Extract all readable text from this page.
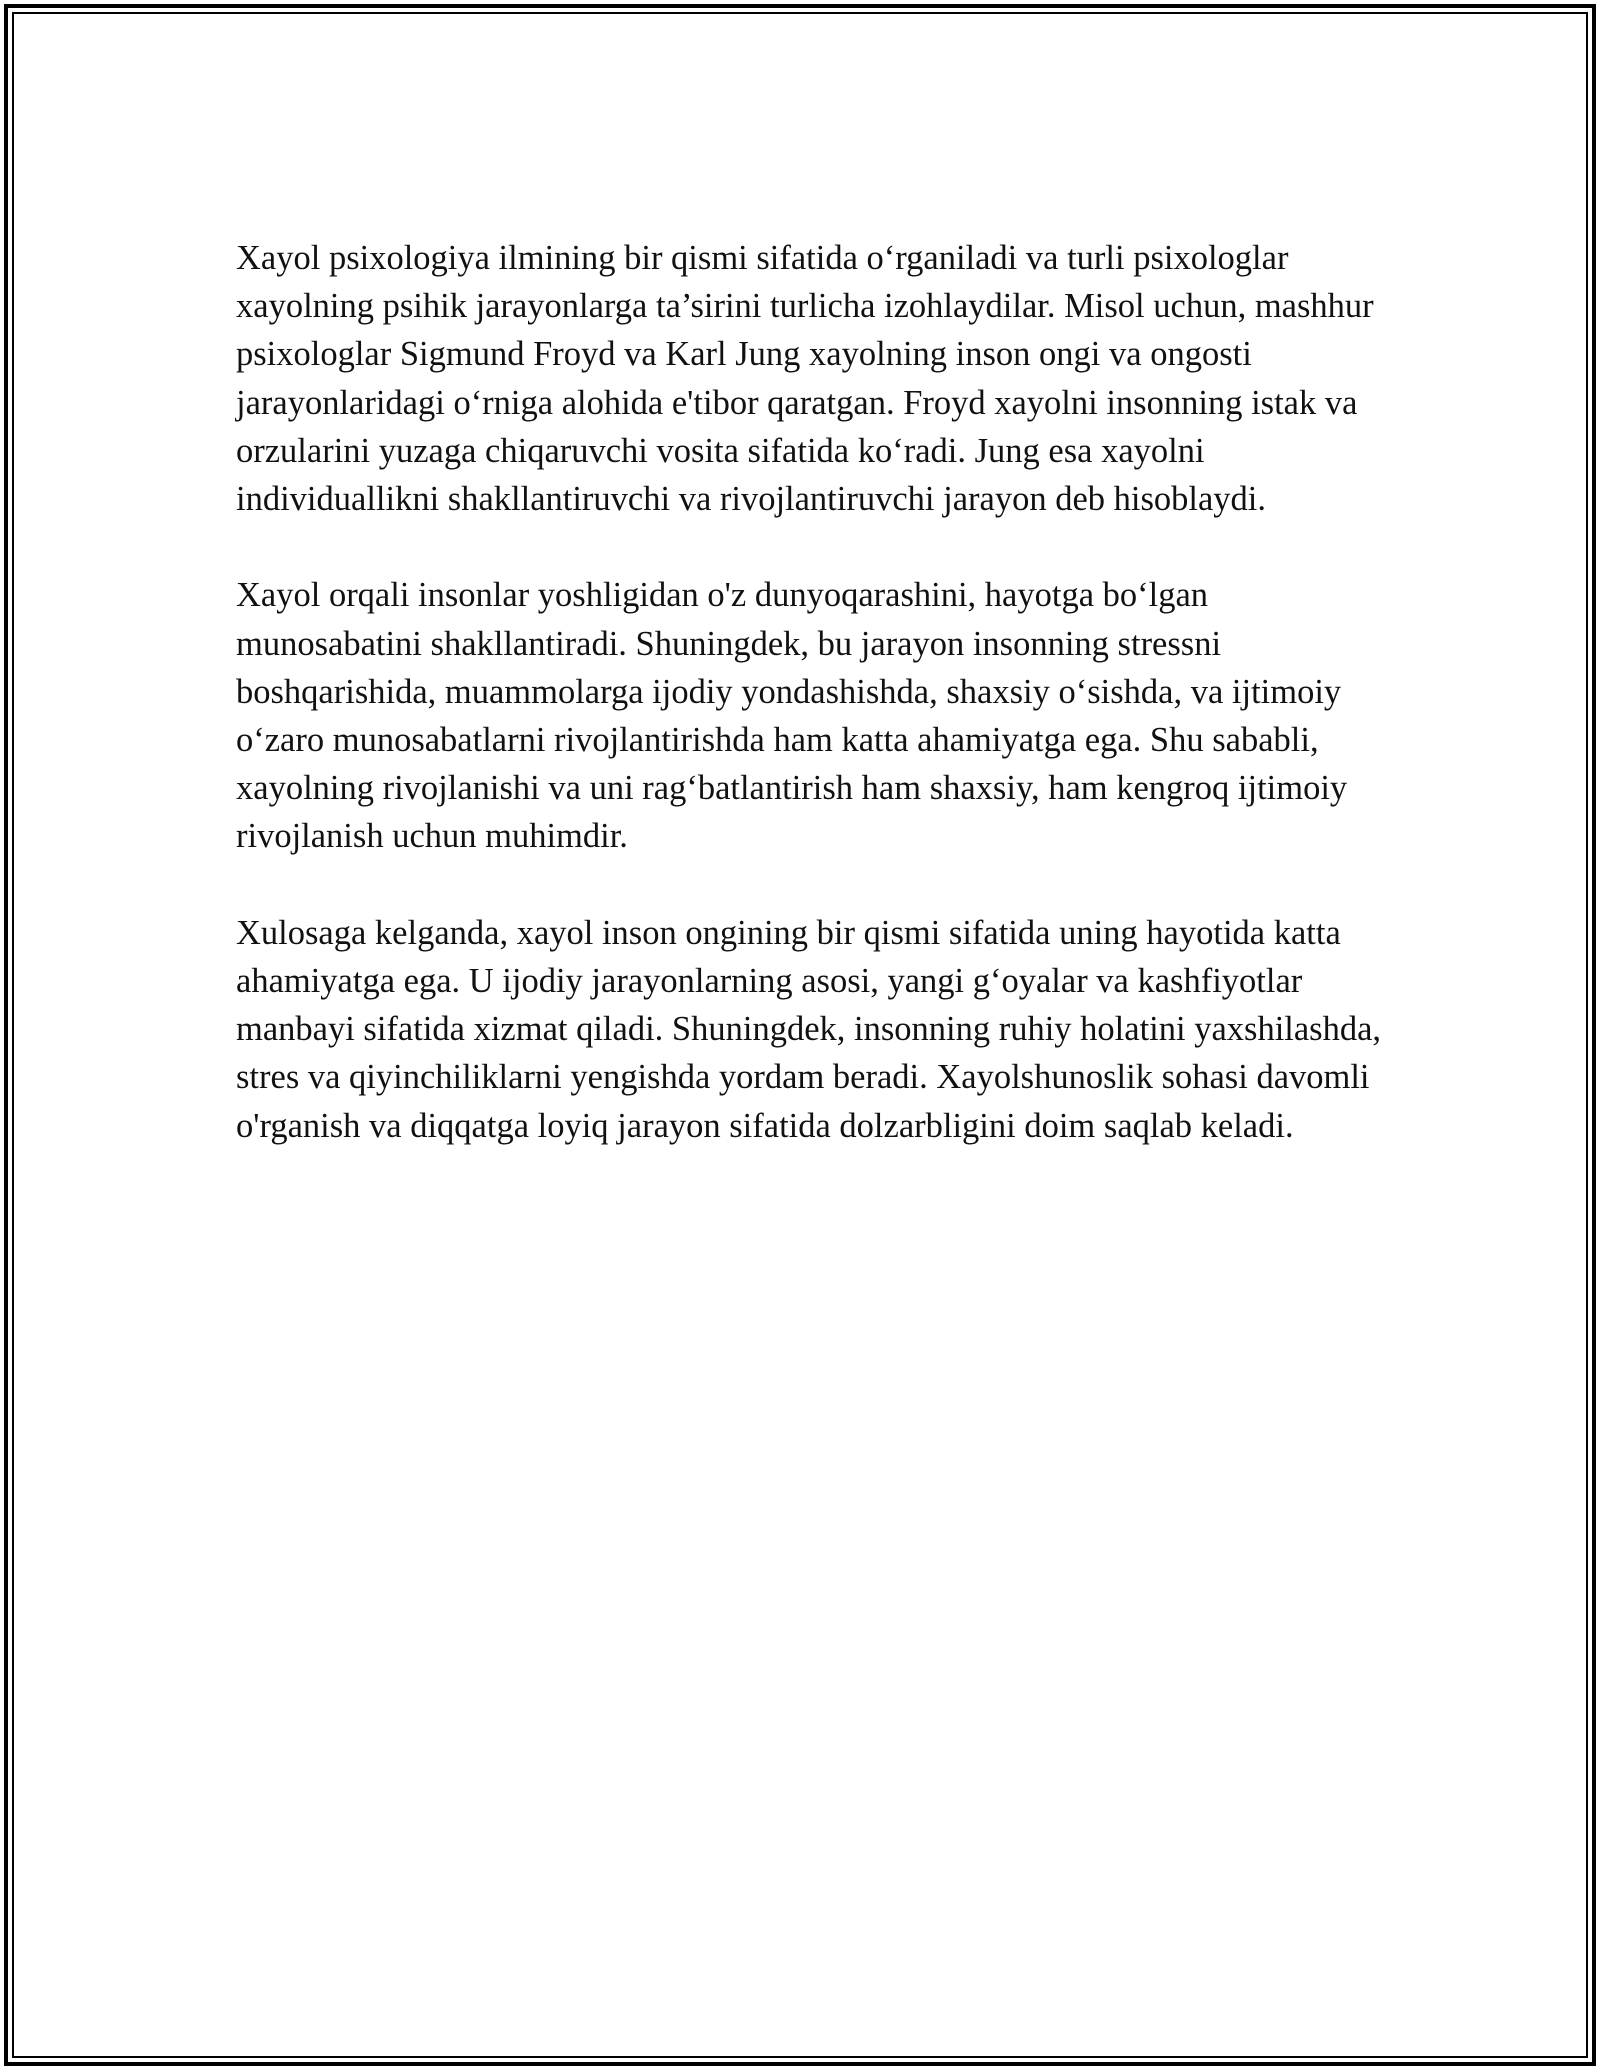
Xayol psixologiya ilmining bir qismi sifatida o‘rganiladi va turli psixologlar xayolning psihik jarayonlarga ta’sirini turlicha izohlaydilar. Misol uchun, mashhur psixologlar Sigmund Froyd va Karl Jung xayolning inson ongi va ongosti jarayonlaridagi o‘rniga alohida e'tibor qaratgan. Froyd xayolni insonning istak va orzularini yuzaga chiqaruvchi vosita sifatida ko‘radi. Jung esa xayolni individuallikni shakllantiruvchi va rivojlantiruvchi jarayon deb hisoblaydi.

Xayol orqali insonlar yoshligidan o'z dunyoqarashini, hayotga bo‘lgan munosabatini shakllantiradi. Shuningdek, bu jarayon insonning stressni boshqarishida, muammolarga ijodiy yondashishda, shaxsiy o‘sishda, va ijtimoiy o‘zaro munosabatlarni rivojlantirishda ham katta ahamiyatga ega. Shu sababli, xayolning rivojlanishi va uni rag‘batlantirish ham shaxsiy, ham kengroq ijtimoiy rivojlanish uchun muhimdir.

Xulosaga kelganda, xayol inson ongining bir qismi sifatida uning hayotida katta ahamiyatga ega. U ijodiy jarayonlarning asosi, yangi g‘oyalar va kashfiyotlar manbayi sifatida xizmat qiladi. Shuningdek, insonning ruhiy holatini yaxshilashda, stres va qiyinchiliklarni yengishda yordam beradi. Xayolshunoslik sohasi davomli o'rganish va diqqatga loyiq jarayon sifatida dolzarbligini doim saqlab keladi.
